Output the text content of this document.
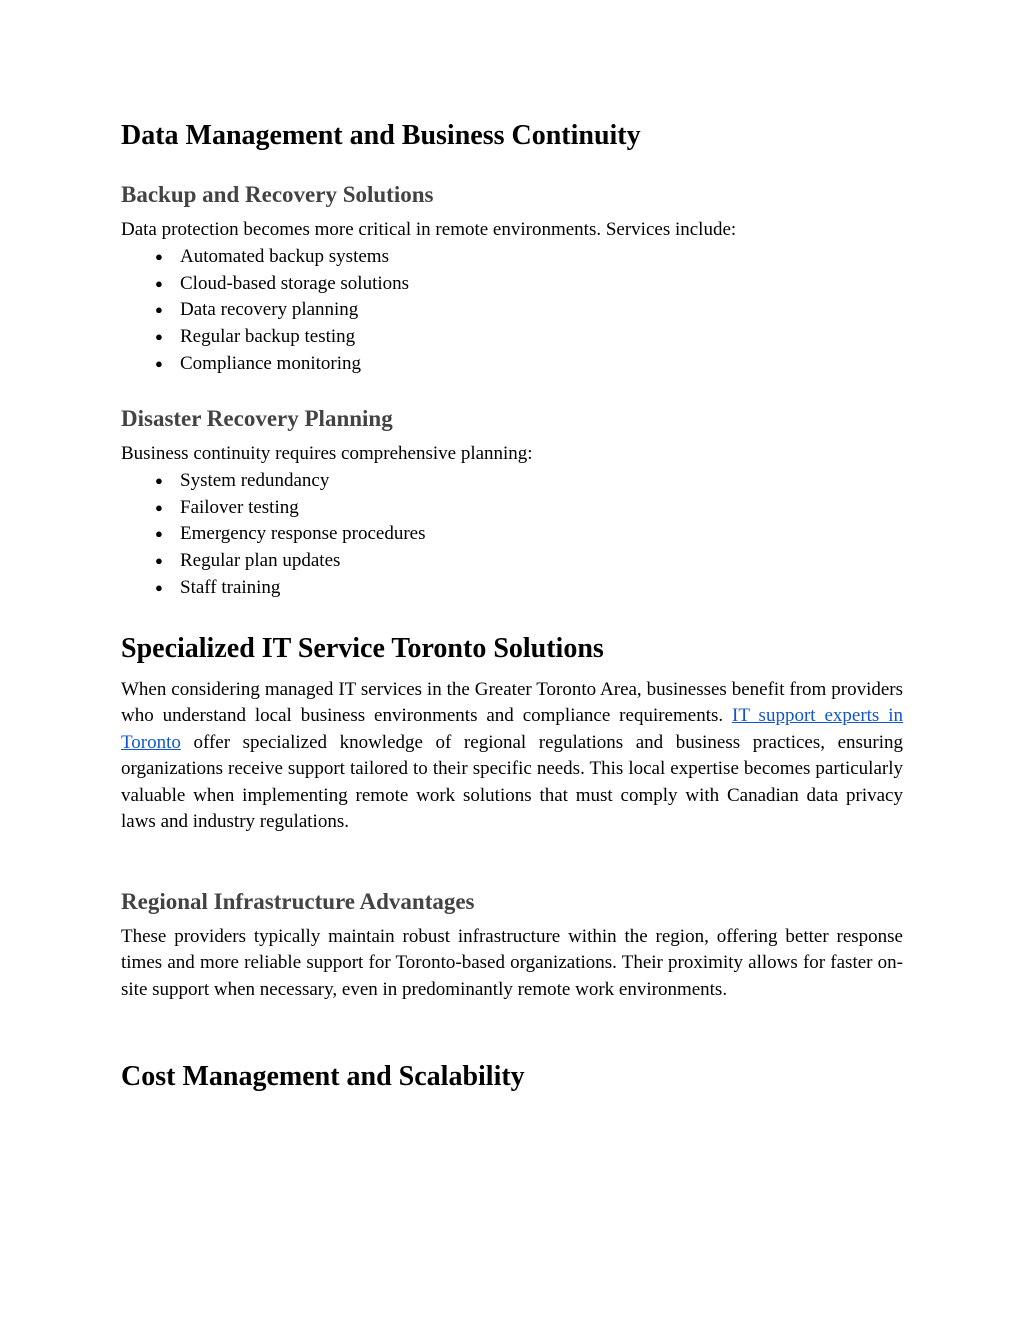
Data Management and Business Continuity
Backup and Recovery Solutions

Data protection becomes more critical in remote environments. Services include:

● Automated backup systems
● Cloud-based storage solutions
● Data recovery planning
● Regular backup testing
● Compliance monitoring
Disaster Recovery Planning

Business continuity requires comprehensive planning:

● System redundancy
● Failover testing
● Emergency response procedures
● Regular plan updates
● Staff training
Specialized IT Service Toronto Solutions

When considering managed IT services in the Greater Toronto Area, businesses benefit from providers who understand local business environments and compliance requirements. IT support experts in Toronto offer specialized knowledge of regional regulations and business practices, ensuring organizations receive support tailored to their specific needs. This local expertise becomes particularly valuable when implementing remote work solutions that must comply with Canadian data privacy laws and industry regulations.

Regional Infrastructure Advantages

These providers typically maintain robust infrastructure within the region, offering better response times and more reliable support for Toronto-based organizations. Their proximity allows for faster on-site support when necessary, even in predominantly remote work environments.

Cost Management and Scalability
